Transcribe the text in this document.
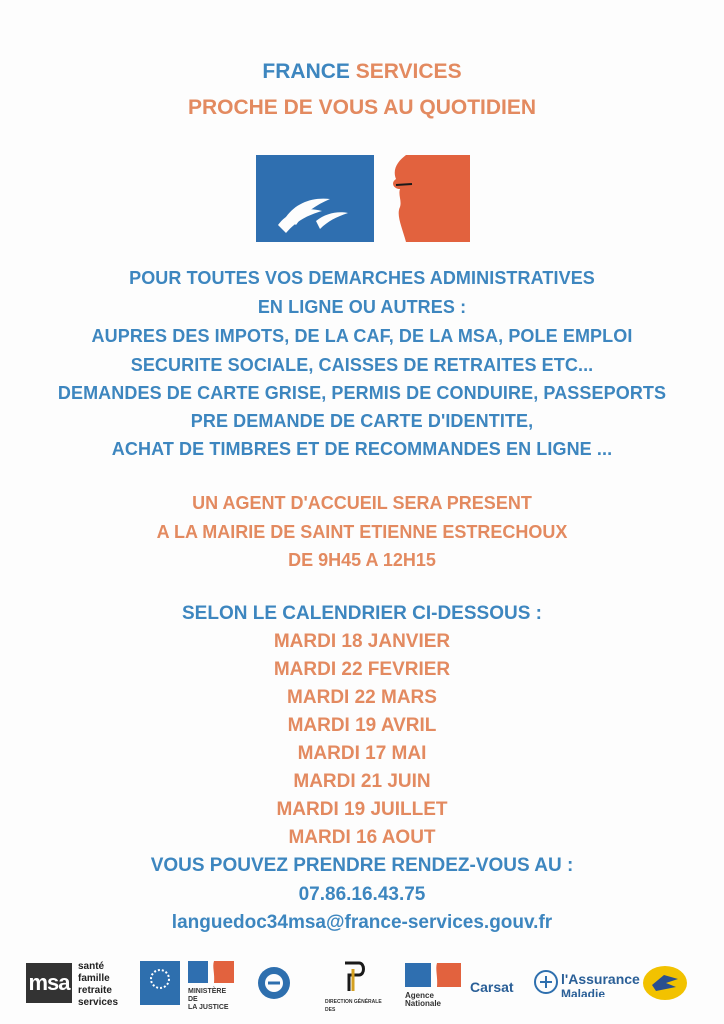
FRANCE SERVICES
PROCHE DE VOUS AU QUOTIDIEN
POUR TOUTES VOS DEMARCHES ADMINISTRATIVES
EN LIGNE OU AUTRES :
AUPRES DES IMPOTS, DE LA CAF, DE LA MSA, POLE EMPLOI
SECURITE SOCIALE, CAISSES DE RETRAITES ETC...
DEMANDES DE CARTE GRISE, PERMIS DE CONDUIRE, PASSEPORTS
PRE DEMANDE DE CARTE D'IDENTITE,
ACHAT DE TIMBRES ET DE RECOMMANDES EN LIGNE ...
UN AGENT D'ACCUEIL SERA PRESENT
A LA MAIRIE DE SAINT ETIENNE ESTRECHOUX
DE 9H45 A 12H15
SELON LE CALENDRIER CI-DESSOUS :
MARDI 18 JANVIER
MARDI 22 FEVRIER
MARDI 22 MARS
MARDI 19 AVRIL
MARDI 17 MAI
MARDI 21 JUIN
MARDI 19 JUILLET
MARDI 16 AOUT
VOUS POUVEZ PRENDRE RENDEZ-VOUS AU :
07.86.16.43.75
languedoc34msa@france-services.gouv.fr
msa
santé
famille
retraite
services
MINISTÈRE DE
LA JUSTICE
DIRECTION GÉNÉRALE DES
Agence Nationale
Carsat	l'Assurance
Maladie
